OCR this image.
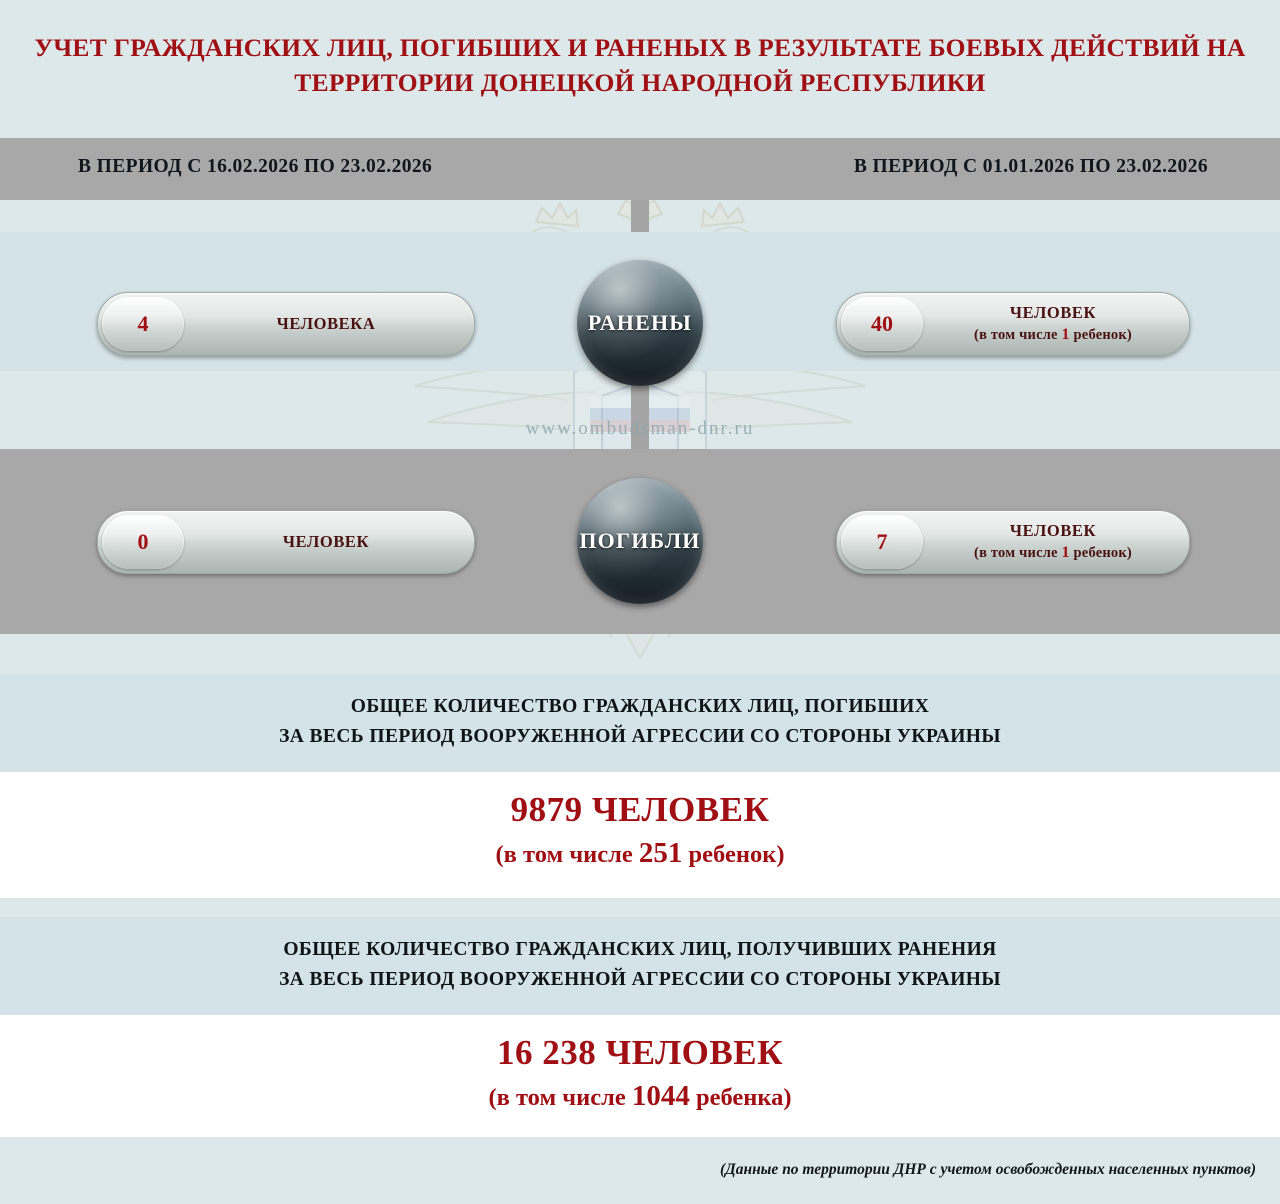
www.ombudsman-dnr.ru
УЧЕТ ГРАЖДАНСКИХ ЛИЦ, ПОГИБШИХ И РАНЕНЫХ В РЕЗУЛЬТАТЕ БОЕВЫХ ДЕЙСТВИЙ НА ТЕРРИТОРИИ ДОНЕЦКОЙ НАРОДНОЙ РЕСПУБЛИКИ
В ПЕРИОД С 16.02.2026 ПО 23.02.2026	В ПЕРИОД С 01.01.2026 ПО 23.02.2026
4	ЧЕЛОВЕКА	40	ЧЕЛОВЕК
(в том числе 1 ребенок)
РАНЕНЫ
0	ЧЕЛОВЕК	7	ЧЕЛОВЕК
(в том числе 1 ребенок)
ПОГИБЛИ
ОБЩЕЕ КОЛИЧЕСТВО ГРАЖДАНСКИХ ЛИЦ, ПОГИБШИХ
ЗА ВЕСЬ ПЕРИОД ВООРУЖЕННОЙ АГРЕССИИ СО СТОРОНЫ УКРАИНЫ
9879 ЧЕЛОВЕК
(в том числе 251 ребенок)
ОБЩЕЕ КОЛИЧЕСТВО ГРАЖДАНСКИХ ЛИЦ, ПОЛУЧИВШИХ РАНЕНИЯ
ЗА ВЕСЬ ПЕРИОД ВООРУЖЕННОЙ АГРЕССИИ СО СТОРОНЫ УКРАИНЫ
16 238 ЧЕЛОВЕК
(в том числе 1044 ребенка)
(Данные по территории ДНР с учетом освобожденных населенных пунктов)
